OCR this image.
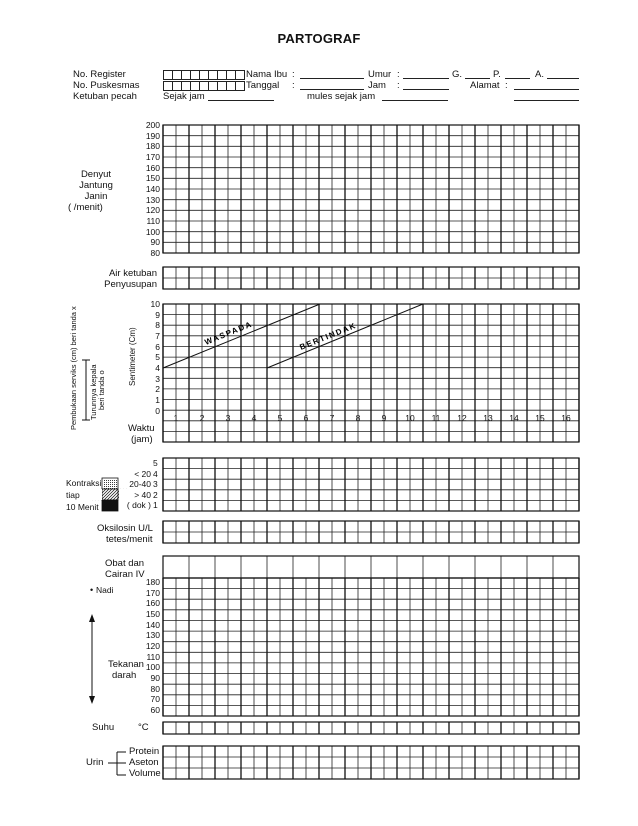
PARTOGRAF
No. Register
No. Puskesmas
Ketuban pecah	Sejak jam
Nama Ibu :
Tanggal :
mules sejak jam
Umur :
Jam :
G.	P.	A.
Alamat :
Denyut
Jantung
Janin
( /menit)
200
190
180
170
160
150
140
130
120
110
100
90
80
Air ketuban
Penyusupan
Pembukaan serviks (cm) beri tanda x Turunnya kepala beri tanda o
Sentimeter (Cm)
10
9
8
7
6
5
4
3
2
1
0
1	2	3	4	5	6	7	8	9	10	11	12 13 14 15 16
Waktu
(jam)
Kontraksi
tiap
10 Menit
5
4
3
2
1
< 20
20-40
> 40
( dok )
Oksilosin U/L
tetes/menit
Obat dan
Cairan IV
• Nadi
Tekanan
darah
180
170
160
150
140
130
120
110
100
90
80
70
60
Suhu	°C
Urin
Protein
Aseton
Volume
WASPADA	BERTINDAK
